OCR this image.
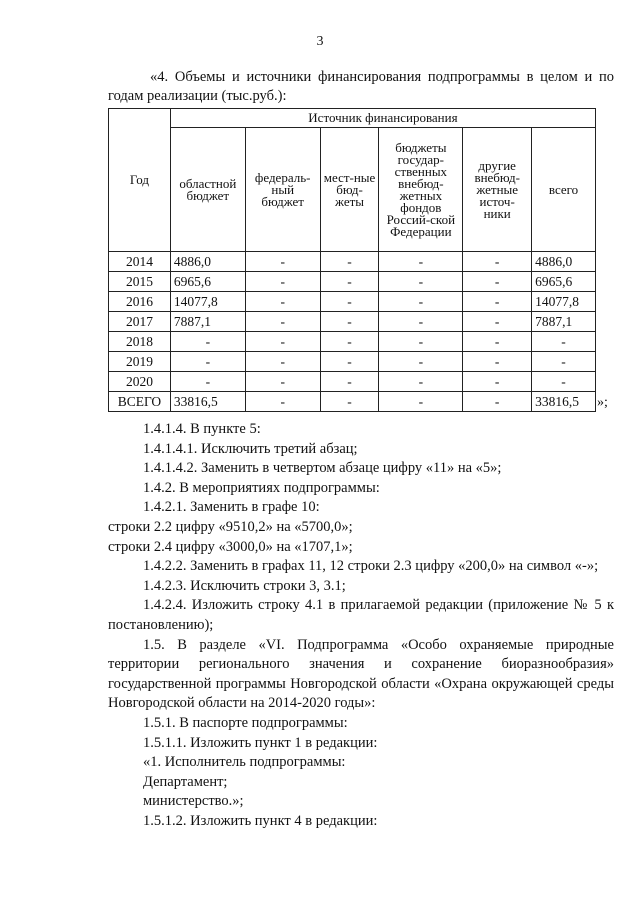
3
«4. Объемы и источники финансирования подпрограммы в целом и по
годам реализации (тыс.руб.):
Год	Источник финансирования					
	областной бюджет	федераль-ный бюджет	мест-ные бюд-жеты	бюджеты государ-ственных внебюд-жетных фондов Россий-ской Федерации	другие внебюд-жетные источ-ники	всего
2014	4886,0	-	-	-	-	4886,0
2015	6965,6	-	-	-	-	6965,6
2016	14077,8	-	-	-	-	14077,8
2017	7887,1	-	-	-	-	7887,1
2018	-	-	-	-	-	-
2019	-	-	-	-	-	-
2020	-	-	-	-	-	-
ВСЕГО	33816,5	-	-	-	-	33816,5 »;

1.4.1.4. В пункте 5:

1.4.1.4.1. Исключить третий абзац;

1.4.1.4.2. Заменить в четвертом абзаце цифру «11» на «5»;

1.4.2. В мероприятиях подпрограммы:

1.4.2.1. Заменить в графе 10:

строки 2.2 цифру «9510,2» на «5700,0»;

строки 2.4 цифру «3000,0» на «1707,1»;

1.4.2.2. Заменить в графах 11, 12 строки 2.3 цифру «200,0» на символ «-»;

1.4.2.3. Исключить строки 3, 3.1;

1.4.2.4. Изложить строку 4.1 в прилагаемой редакции (приложение № 5 к постановлению);

1.5. В разделе «VI. Подпрограмма «Особо охраняемые природные территории регионального значения и сохранение биоразнообразия» государственной программы Новгородской области «Охрана окружающей среды Новгородской области на 2014-2020 годы»:

1.5.1. В паспорте подпрограммы:

1.5.1.1. Изложить пункт 1 в редакции:

«1. Исполнитель подпрограммы:

Департамент;

министерство.»;

1.5.1.2. Изложить пункт 4 в редакции:
